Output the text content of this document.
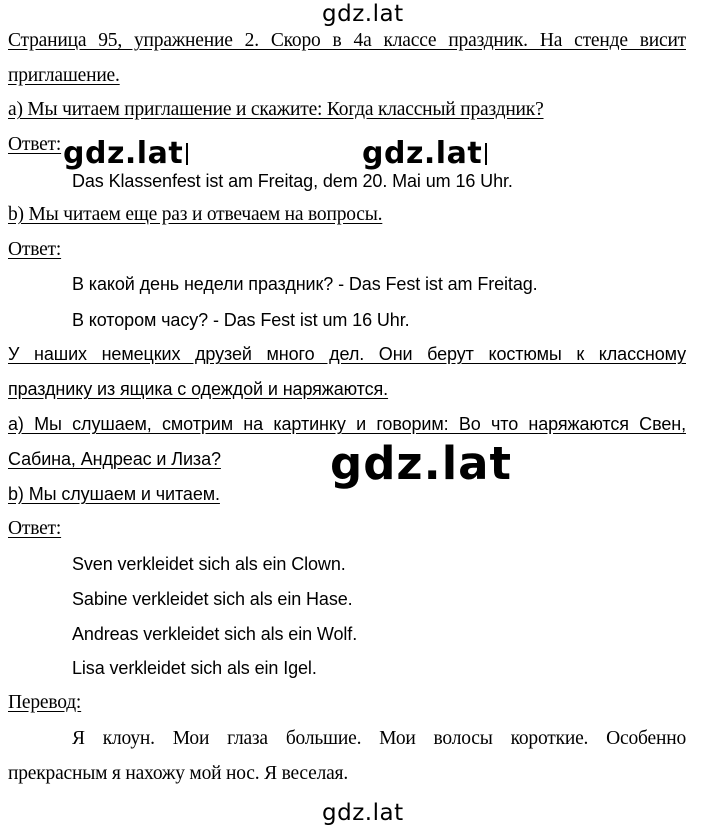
gdz.lat
Страница 95, упражнение 2. Скоро в 4а классе праздник. На стенде висит
приглашение.
а) Мы читаем приглашение и скажите: Когда классный праздник?
Ответ: gdz.lat	gdz.lat
Das Klassenfest ist am Freitag, dem 20. Mai um 16 Uhr.
b) Мы читаем еще раз и отвечаем на вопросы.
Ответ:
В какой день недели праздник? - Das Fest ist am Freitag.
В котором часу? - Das Fest ist um 16 Uhr.
У наших немецких друзей много дел. Они берут костюмы к классному
празднику из ящика с одеждой и наряжаются.
а) Мы слушаем, смотрим на картинку и говорим: Во что наряжаются Свен,
Сабина, Андреас и Лиза? gdz.lat
b) Мы слушаем и читаем.
Ответ:
Sven verkleidet sich als ein Clown.
Sabine verkleidet sich als ein Hase.
Andreas verkleidet sich als ein Wolf.
Lisa verkleidet sich als ein Igel.
Перевод:
Я клоун. Мои глаза большие. Мои волосы короткие. Особенно
прекрасным я нахожу мой нос. Я веселая.
gdz.lat
